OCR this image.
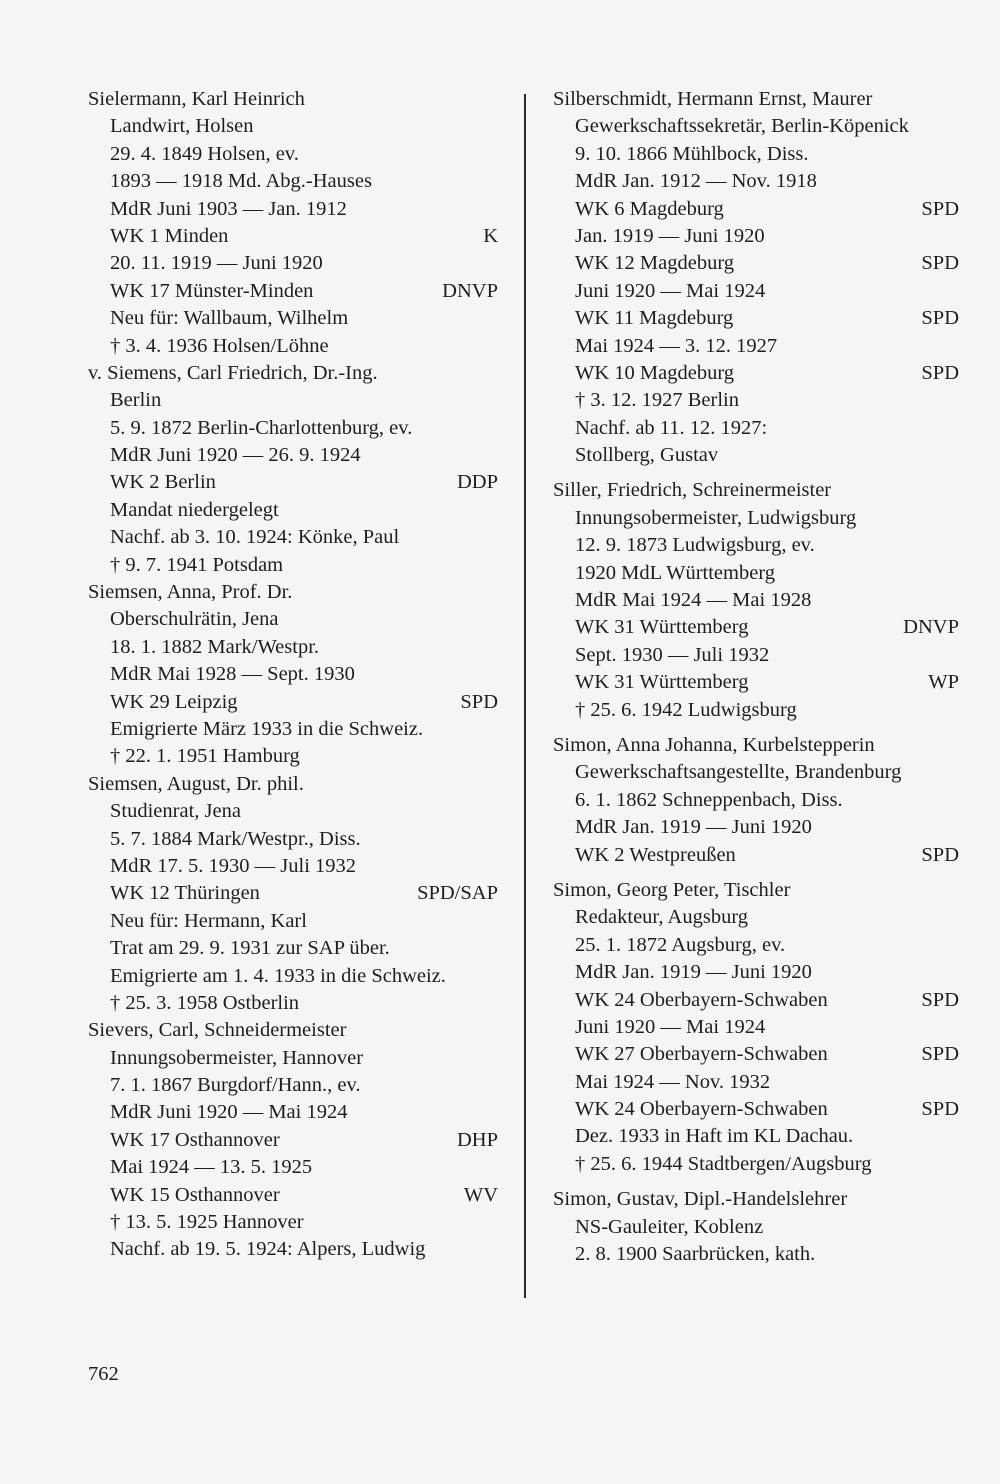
Sielermann, Karl Heinrich
Landwirt, Holsen
29. 4. 1849 Holsen, ev.
1893 — 1918 Md. Abg.-Hauses
MdR Juni 1903 — Jan. 1912
WK 1 Minden	K
20. 11. 1919 — Juni 1920
WK 17 Münster-Minden	DNVP
Neu für: Wallbaum, Wilhelm
† 3. 4. 1936 Holsen/Löhne
v. Siemens, Carl Friedrich, Dr.-Ing.
Berlin
5. 9. 1872 Berlin-Charlottenburg, ev.
MdR Juni 1920 — 26. 9. 1924
WK 2 Berlin	DDP
Mandat niedergelegt
Nachf. ab 3. 10. 1924: Könke, Paul
† 9. 7. 1941 Potsdam
Siemsen, Anna, Prof. Dr.
Oberschulrätin, Jena
18. 1. 1882 Mark/Westpr.
MdR Mai 1928 — Sept. 1930
WK 29 Leipzig	SPD
Emigrierte März 1933 in die Schweiz.
† 22. 1. 1951 Hamburg
Siemsen, August, Dr. phil.
Studienrat, Jena
5. 7. 1884 Mark/Westpr., Diss.
MdR 17. 5. 1930 — Juli 1932
WK 12 Thüringen	SPD/SAP
Neu für: Hermann, Karl
Trat am 29. 9. 1931 zur SAP über.
Emigrierte am 1. 4. 1933 in die Schweiz.
† 25. 3. 1958 Ostberlin
Sievers, Carl, Schneidermeister
Innungsobermeister, Hannover
7. 1. 1867 Burgdorf/Hann., ev.
MdR Juni 1920 — Mai 1924
WK 17 Osthannover	DHP
Mai 1924 — 13. 5. 1925
WK 15 Osthannover	WV
† 13. 5. 1925 Hannover
Nachf. ab 19. 5. 1924: Alpers, Ludwig
Silberschmidt, Hermann Ernst, Maurer
Gewerkschaftssekretär, Berlin-Köpenick
9. 10. 1866 Mühlbock, Diss.
MdR Jan. 1912 — Nov. 1918
WK 6 Magdeburg	SPD
Jan. 1919 — Juni 1920
WK 12 Magdeburg	SPD
Juni 1920 — Mai 1924
WK 11 Magdeburg	SPD
Mai 1924 — 3. 12. 1927
WK 10 Magdeburg	SPD
† 3. 12. 1927 Berlin
Nachf. ab 11. 12. 1927:
Stollberg, Gustav
Siller, Friedrich, Schreinermeister
Innungsobermeister, Ludwigsburg
12. 9. 1873 Ludwigsburg, ev.
1920 MdL Württemberg
MdR Mai 1924 — Mai 1928
WK 31 Württemberg	DNVP
Sept. 1930 — Juli 1932
WK 31 Württemberg	WP
† 25. 6. 1942 Ludwigsburg
Simon, Anna Johanna, Kurbelstepperin
Gewerkschaftsangestellte, Brandenburg
6. 1. 1862 Schneppenbach, Diss.
MdR Jan. 1919 — Juni 1920
WK 2 Westpreußen	SPD
Simon, Georg Peter, Tischler
Redakteur, Augsburg
25. 1. 1872 Augsburg, ev.
MdR Jan. 1919 — Juni 1920
WK 24 Oberbayern-Schwaben	SPD
Juni 1920 — Mai 1924
WK 27 Oberbayern-Schwaben	SPD
Mai 1924 — Nov. 1932
WK 24 Oberbayern-Schwaben	SPD
Dez. 1933 in Haft im KL Dachau.
† 25. 6. 1944 Stadtbergen/Augsburg
Simon, Gustav, Dipl.-Handelslehrer
NS-Gauleiter, Koblenz
2. 8. 1900 Saarbrücken, kath.
762
